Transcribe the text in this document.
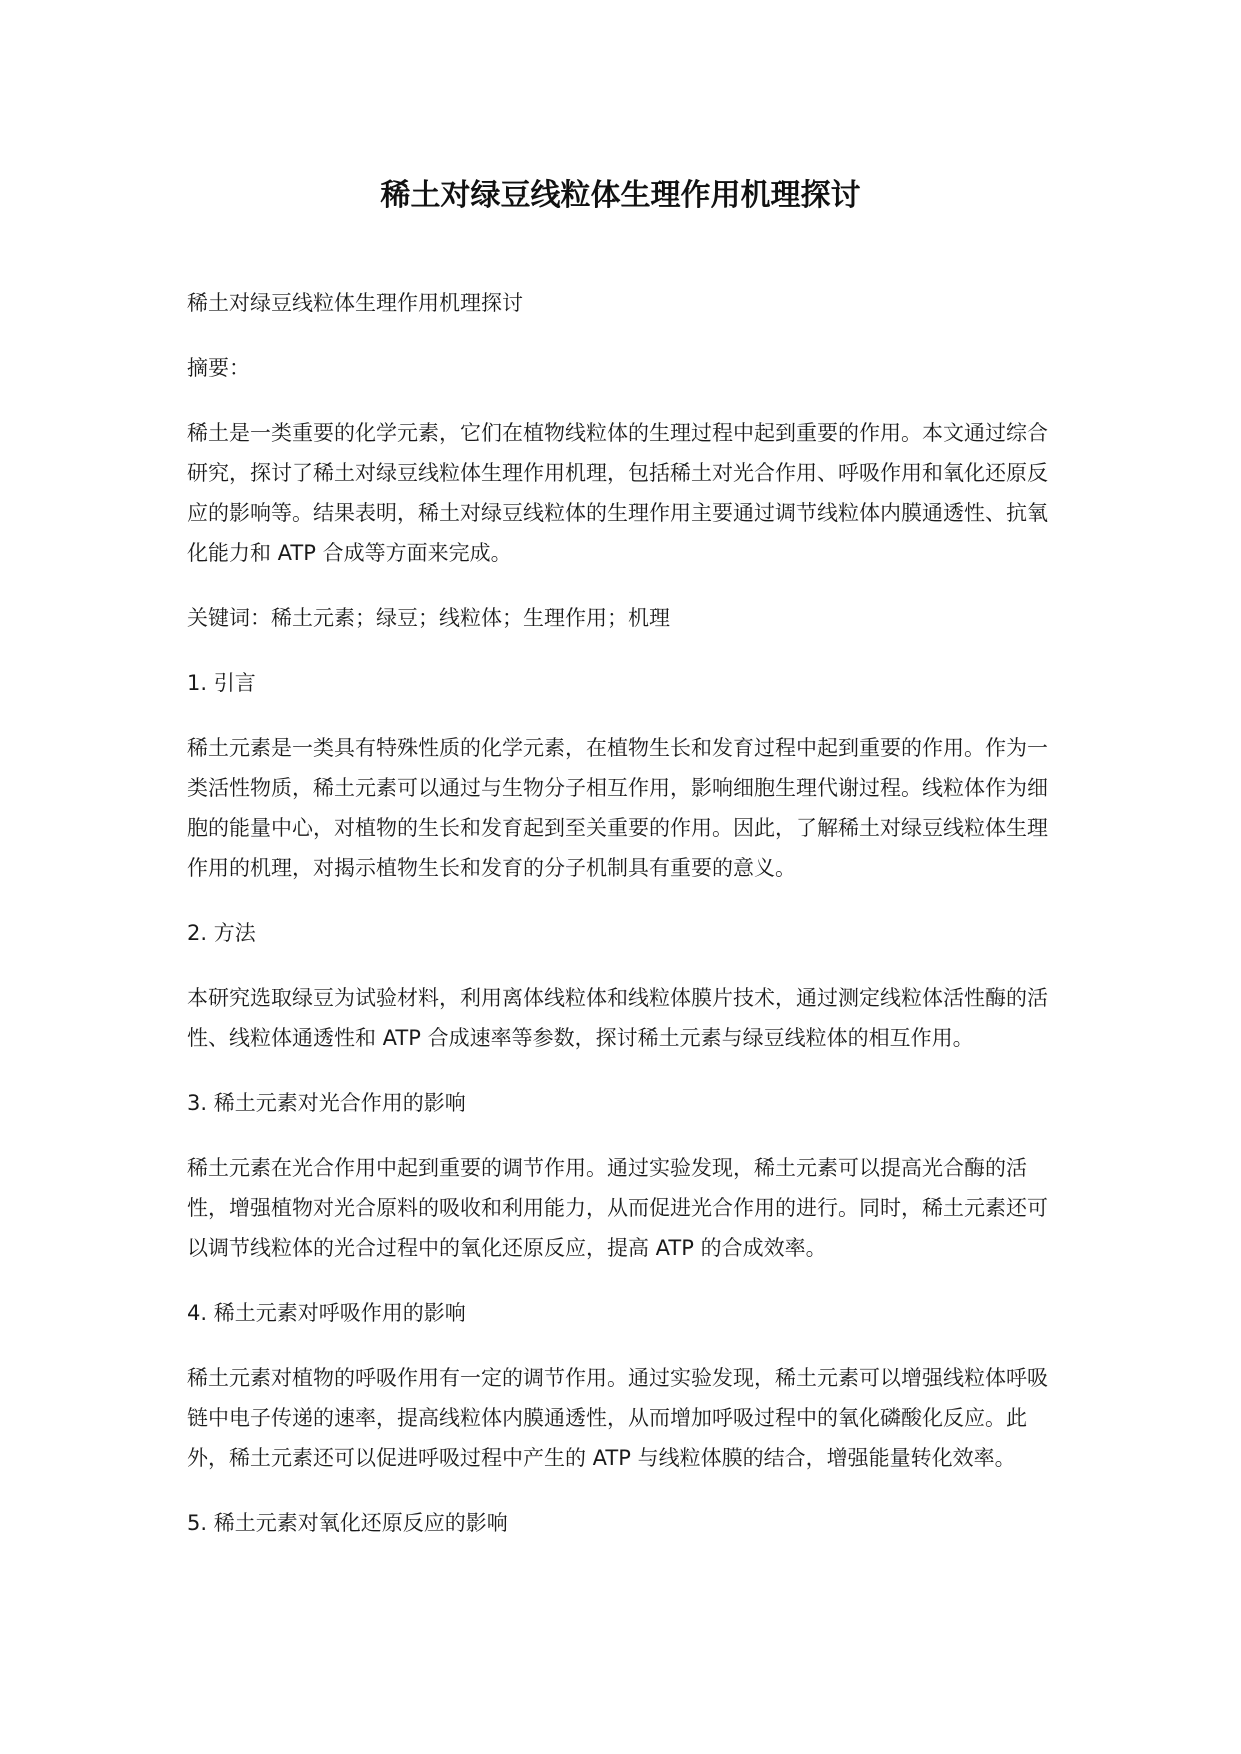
稀土对绿豆线粒体生理作用机理探讨

稀土对绿豆线粒体生理作用机理探讨

摘要：

稀土是一类重要的化学元素，它们在植物线粒体的生理过程中起到重要的作用。本文通过综合研究，探讨了稀土对绿豆线粒体生理作用机理，包括稀土对光合作用、呼吸作用和氧化还原反应的影响等。结果表明，稀土对绿豆线粒体的生理作用主要通过调节线粒体内膜通透性、抗氧化能力和 ATP 合成等方面来完成。

关键词：稀土元素；绿豆；线粒体；生理作用；机理

1. 引言

稀土元素是一类具有特殊性质的化学元素，在植物生长和发育过程中起到重要的作用。作为一类活性物质，稀土元素可以通过与生物分子相互作用，影响细胞生理代谢过程。线粒体作为细胞的能量中心，对植物的生长和发育起到至关重要的作用。因此，了解稀土对绿豆线粒体生理作用的机理，对揭示植物生长和发育的分子机制具有重要的意义。

2. 方法

本研究选取绿豆为试验材料，利用离体线粒体和线粒体膜片技术，通过测定线粒体活性酶的活性、线粒体通透性和 ATP 合成速率等参数，探讨稀土元素与绿豆线粒体的相互作用。

3. 稀土元素对光合作用的影响

稀土元素在光合作用中起到重要的调节作用。通过实验发现，稀土元素可以提高光合酶的活性，增强植物对光合原料的吸收和利用能力，从而促进光合作用的进行。同时，稀土元素还可以调节线粒体的光合过程中的氧化还原反应，提高 ATP 的合成效率。

4. 稀土元素对呼吸作用的影响

稀土元素对植物的呼吸作用有一定的调节作用。通过实验发现，稀土元素可以增强线粒体呼吸链中电子传递的速率，提高线粒体内膜通透性，从而增加呼吸过程中的氧化磷酸化反应。此外，稀土元素还可以促进呼吸过程中产生的 ATP 与线粒体膜的结合，增强能量转化效率。

5. 稀土元素对氧化还原反应的影响
